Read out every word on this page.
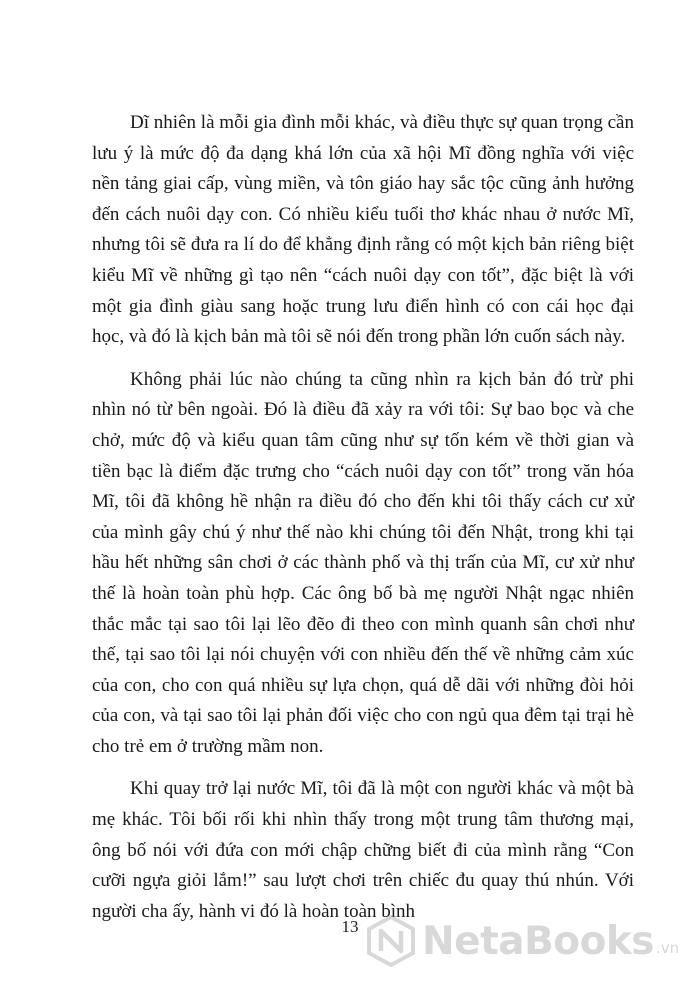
Dĩ nhiên là mỗi gia đình mỗi khác, và điều thực sự quan trọng cần lưu ý là mức độ đa dạng khá lớn của xã hội Mĩ đồng nghĩa với việc nền tảng giai cấp, vùng miền, và tôn giáo hay sắc tộc cũng ảnh hưởng đến cách nuôi dạy con. Có nhiều kiểu tuổi thơ khác nhau ở nước Mĩ, nhưng tôi sẽ đưa ra lí do để khẳng định rằng có một kịch bản riêng biệt kiểu Mĩ về những gì tạo nên “cách nuôi dạy con tốt”, đặc biệt là với một gia đình giàu sang hoặc trung lưu điển hình có con cái học đại học, và đó là kịch bản mà tôi sẽ nói đến trong phần lớn cuốn sách này.

Không phải lúc nào chúng ta cũng nhìn ra kịch bản đó trừ phi nhìn nó từ bên ngoài. Đó là điều đã xảy ra với tôi: Sự bao bọc và che chở, mức độ và kiểu quan tâm cũng như sự tốn kém về thời gian và tiền bạc là điểm đặc trưng cho “cách nuôi dạy con tốt” trong văn hóa Mĩ, tôi đã không hề nhận ra điều đó cho đến khi tôi thấy cách cư xử của mình gây chú ý như thế nào khi chúng tôi đến Nhật, trong khi tại hầu hết những sân chơi ở các thành phố và thị trấn của Mĩ, cư xử như thế là hoàn toàn phù hợp. Các ông bố bà mẹ người Nhật ngạc nhiên thắc mắc tại sao tôi lại lẽo đẽo đi theo con mình quanh sân chơi như thế, tại sao tôi lại nói chuyện với con nhiều đến thế về những cảm xúc của con, cho con quá nhiều sự lựa chọn, quá dễ dãi với những đòi hỏi của con, và tại sao tôi lại phản đối việc cho con ngủ qua đêm tại trại hè cho trẻ em ở trường mầm non.

Khi quay trở lại nước Mĩ, tôi đã là một con người khác và một bà mẹ khác. Tôi bối rối khi nhìn thấy trong một trung tâm thương mại, ông bố nói với đứa con mới chập chững biết đi của mình rằng “Con cưỡi ngựa giỏi lắm!” sau lượt chơi trên chiếc đu quay thú nhún. Với người cha ấy, hành vi đó là hoàn toàn bình

13	NetaBooks .vn
